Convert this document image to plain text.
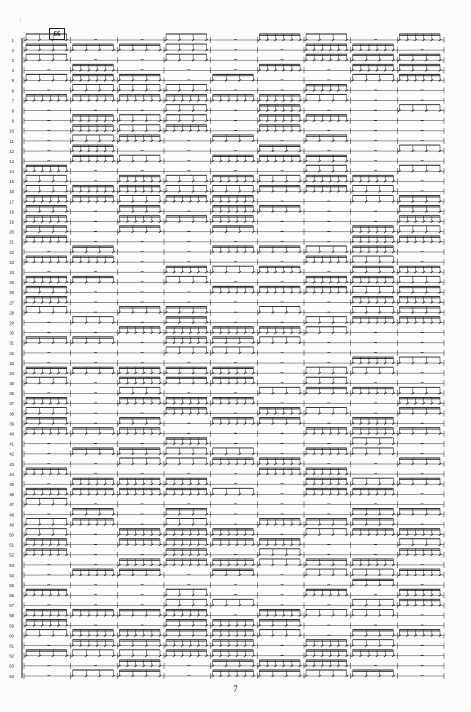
|
66
1
2
3
4
5
6
7
8
9
10
11
12
13
14
15
16
17
18
19
20
21
22
23
24
25
26
27
28
29
30
31
32
33
34
35
36
37
38
39
40
41
42
43
44
45
46
47
48
49
50
51
52
53
54
55
56
57
58
59
60
61
62
63
64
7
